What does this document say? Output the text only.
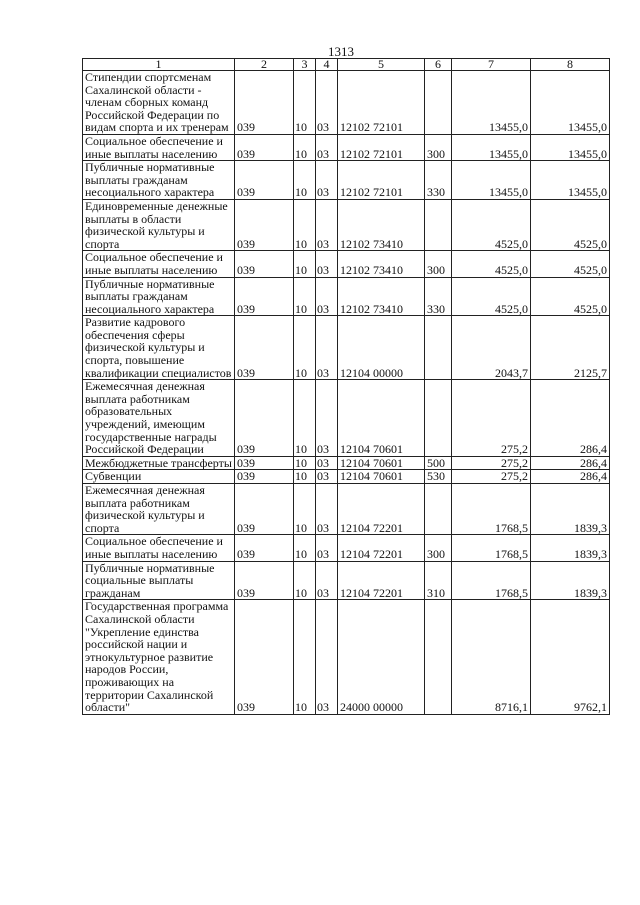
1313
1	2	3	4	5	6	7	8
Стипендии спортсменам Сахалинской области - членам сборных команд Российской Федерации по видам спорта и их тренерам	039	10	03	12102 72101		13455,0	13455,0
Социальное обеспечение и иные выплаты населению	039	10	03	12102 72101	300	13455,0	13455,0
Публичные нормативные выплаты гражданам несоциального характера	039	10	03	12102 72101	330	13455,0	13455,0
Единовременные денежные выплаты в области физической культуры и спорта	039	10	03	12102 73410		4525,0	4525,0
Социальное обеспечение и иные выплаты населению	039	10	03	12102 73410	300	4525,0	4525,0
Публичные нормативные выплаты гражданам несоциального характера	039	10	03	12102 73410	330	4525,0	4525,0
Развитие кадрового обеспечения сферы физической культуры и спорта, повышение квалификации специалистов	039	10	03	12104 00000		2043,7	2125,7
Ежемесячная денежная выплата работникам образовательных учреждений, имеющим государственные награды Российской Федерации	039	10	03	12104 70601		275,2	286,4
Межбюджетные трансферты	039	10	03	12104 70601	500	275,2	286,4
Субвенции	039	10	03	12104 70601	530	275,2	286,4
Ежемесячная денежная выплата работникам физической культуры и спорта	039	10	03	12104 72201		1768,5	1839,3
Социальное обеспечение и иные выплаты населению	039	10	03	12104 72201	300	1768,5	1839,3
Публичные нормативные социальные выплаты гражданам	039	10	03	12104 72201	310	1768,5	1839,3
Государственная программа Сахалинской области "Укрепление единства российской нации и этнокультурное развитие народов России, проживающих на территории Сахалинской области"	039	10	03	24000 00000		8716,1	9762,1
